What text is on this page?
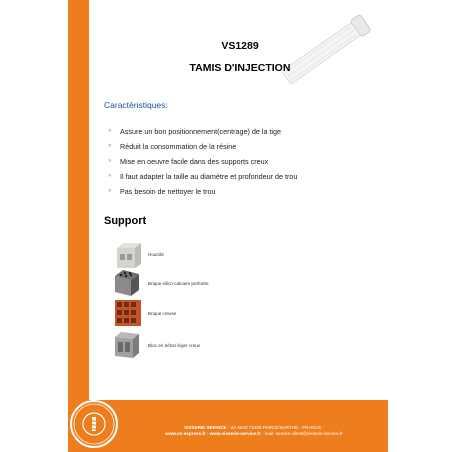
VS1289
TAMIS D'INJECTION
Caractéristiques:
» Assure un bon positionnement(centrage) de la tige
» Réduit la consommation de la résine
» Mise en oeuvre facile dans des supports creux
» Il faut adapter la taille au diamètre et profondeur de trou
» Pas besoin de nettoyer le trou
Support
Hourdis
Brique silico-calcaire perforée
Brique creuse
Bloc en béton léger creux
VISSERIE SERVICE - ZA Nord 72300 PARCÉ/SARTHE - FRANCE -
www.vs-express.fr - www.visserie-service.fr - mail: service.client@visserie-service.fr
